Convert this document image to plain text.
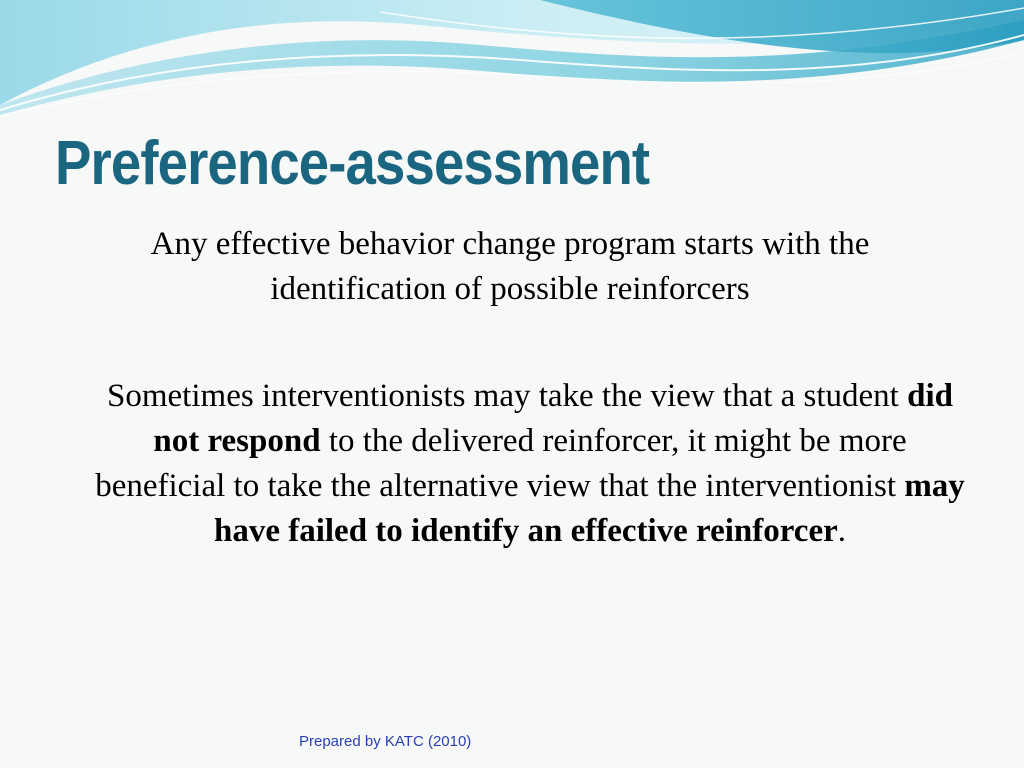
Preference-assessment

Any effective behavior change program starts with the identification of possible reinforcers

Sometimes interventionists may take the view that a student did not respond to the delivered reinforcer, it might be more beneficial to take the alternative view that the interventionist may have failed to identify an effective reinforcer.

Prepared by KATC (2010)
